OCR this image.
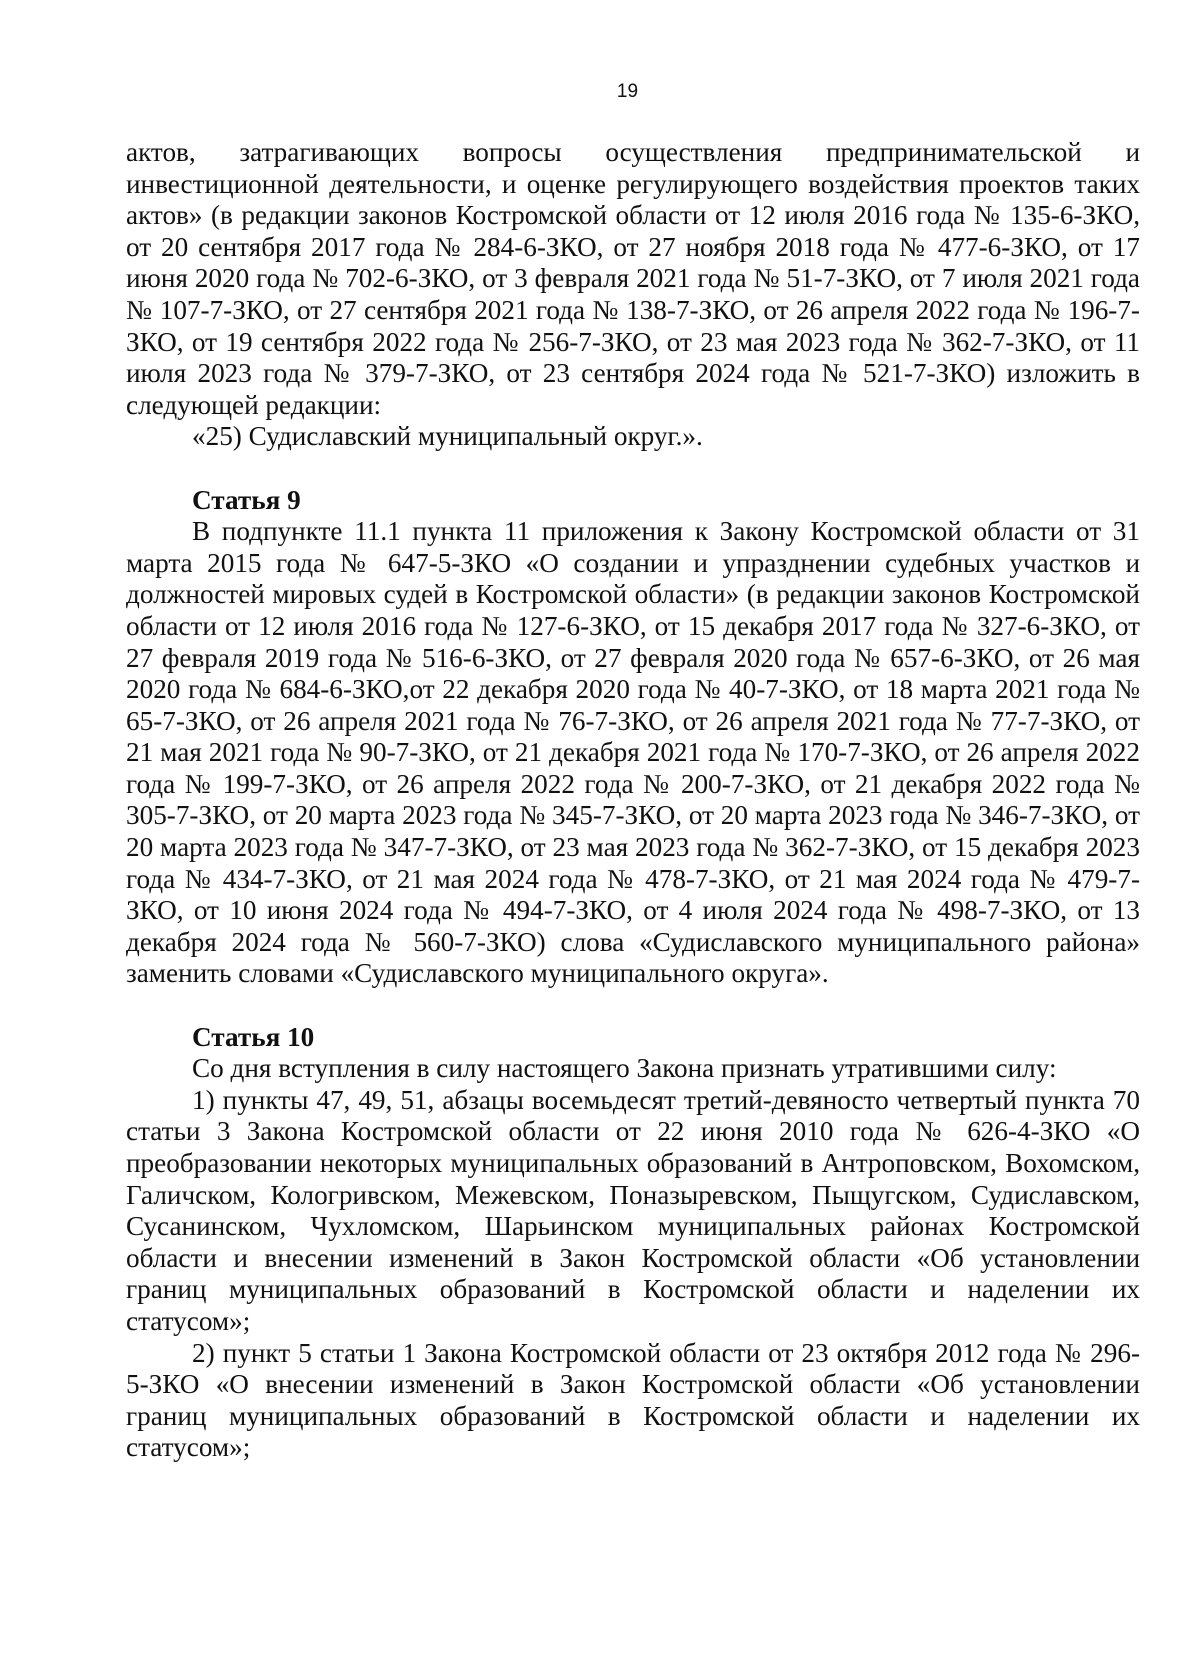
19

актов, затрагивающих вопросы осуществления предпринимательской и инвестиционной деятельности, и оценке регулирующего воздействия проектов таких актов» (в редакции законов Костромской области от 12 июля 2016 года № 135-6-ЗКО, от 20 сентября 2017 года № 284-6-ЗКО, от 27 ноября 2018 года № 477-6-ЗКО, от 17 июня 2020 года № 702-6-ЗКО, от 3 февраля 2021 года № 51-7-ЗКО, от 7 июля 2021 года № 107-7-ЗКО, от 27 сентября 2021 года № 138-7-ЗКО, от 26 апреля 2022 года № 196-7-ЗКО, от 19 сентября 2022 года № 256-7-ЗКО, от 23 мая 2023 года № 362-7-ЗКО, от 11 июля 2023 года № 379-7-ЗКО, от 23 сентября 2024 года № 521-7-ЗКО) изложить в следующей редакции:

«25) Судиславский муниципальный округ.».

Статья 9

В подпункте 11.1 пункта 11 приложения к Закону Костромской области от 31 марта 2015 года № 647-5-ЗКО «О создании и упразднении судебных участков и должностей мировых судей в Костромской области» (в редакции законов Костромской области от 12 июля 2016 года № 127-6-ЗКО, от 15 декабря 2017 года № 327-6-ЗКО, от 27 февраля 2019 года № 516-6-ЗКО, от 27 февраля 2020 года № 657-6-ЗКО, от 26 мая 2020 года № 684-6-ЗКО,от 22 декабря 2020 года № 40-7-ЗКО, от 18 марта 2021 года № 65-7-ЗКО, от 26 апреля 2021 года № 76-7-ЗКО, от 26 апреля 2021 года № 77-7-ЗКО, от 21 мая 2021 года № 90-7-ЗКО, от 21 декабря 2021 года № 170-7-ЗКО, от 26 апреля 2022 года № 199-7-ЗКО, от 26 апреля 2022 года № 200-7-ЗКО, от 21 декабря 2022 года № 305-7-ЗКО, от 20 марта 2023 года № 345-7-ЗКО, от 20 марта 2023 года № 346-7-ЗКО, от 20 марта 2023 года № 347-7-ЗКО, от 23 мая 2023 года № 362-7-ЗКО, от 15 декабря 2023 года № 434-7-ЗКО, от 21 мая 2024 года № 478-7-ЗКО, от 21 мая 2024 года № 479-7-ЗКО, от 10 июня 2024 года № 494-7-ЗКО, от 4 июля 2024 года № 498-7-ЗКО, от 13 декабря 2024 года № 560-7-ЗКО) слова «Судиславского муниципального района» заменить словами «Судиславского муниципального округа».

Статья 10

Со дня вступления в силу настоящего Закона признать утратившими силу:

1) пункты 47, 49, 51, абзацы восемьдесят третий-девяносто четвертый пункта 70 статьи 3 Закона Костромской области от 22 июня 2010 года № 626-4-ЗКО «О преобразовании некоторых муниципальных образований в Антроповском, Вохомском, Галичском, Кологривском, Межевском, Поназыревском, Пыщугском, Судиславском, Сусанинском, Чухломском, Шарьинском муниципальных районах Костромской области и внесении изменений в Закон Костромской области «Об установлении границ муниципальных образований в Костромской области и наделении их статусом»;

2) пункт 5 статьи 1 Закона Костромской области от 23 октября 2012 года № 296-5-ЗКО «О внесении изменений в Закон Костромской области «Об установлении границ муниципальных образований в Костромской области и наделении их статусом»;
